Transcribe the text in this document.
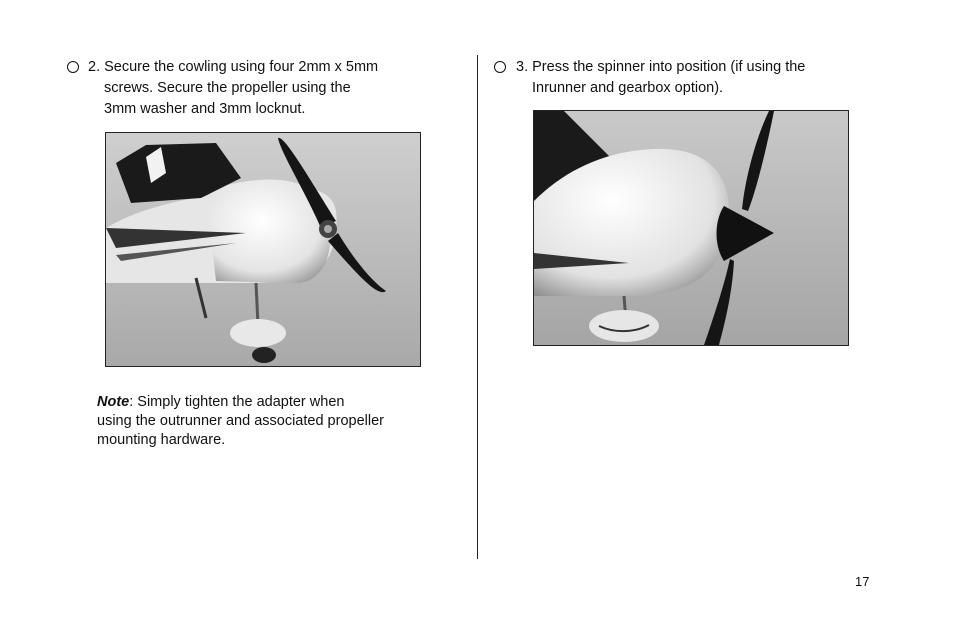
2. Secure the cowling using four 2mm x 5mm
screws. Secure the propeller using the
3mm washer and 3mm locknut.
Note: Simply tighten the adapter when
using the outrunner and associated propeller
mounting hardware.
3. Press the spinner into position (if using the
Inrunner and gearbox option).
17
